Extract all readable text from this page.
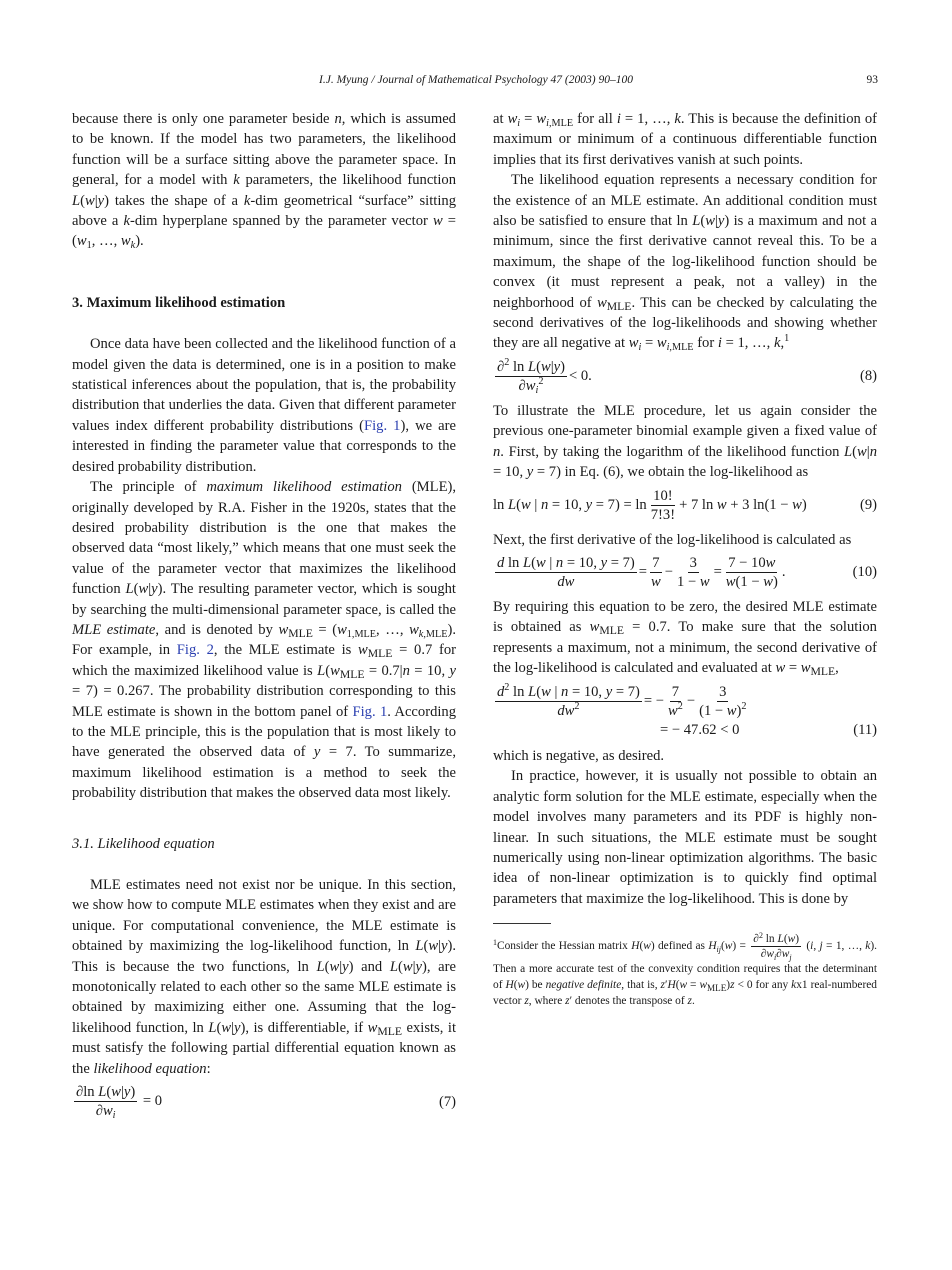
I.J. Myung / Journal of Mathematical Psychology 47 (2003) 90–100	93

because there is only one parameter beside n, which is assumed to be known. If the model has two parameters, the likelihood function will be a surface sitting above the parameter space. In general, for a model with k parameters, the likelihood function L(w|y) takes the shape of a k-dim geometrical “surface” sitting above a k-dim hyperplane spanned by the parameter vector $w = (w_1$, …, $w_k$).

3. Maximum likelihood estimation

Once data have been collected and the likelihood function of a model given the data is determined, one is in a position to make statistical inferences about the population, that is, the probability distribution that underlies the data. Given that different parameter values index different probability distributions (Fig. 1), we are interested in finding the parameter value that corresponds to the desired probability distribution.

The principle of maximum likelihood estimation (MLE), originally developed by R.A. Fisher in the 1920s, states that the desired probability distribution is the one that makes the observed data “most likely,” which means that one must seek the value of the parameter vector that maximizes the likelihood function L(w|y). The resulting parameter vector, which is sought by searching the multi-dimensional parameter space, is called the MLE estimate, and is denoted by $w_{MLE} = (w_{1,MLE}$, …, $w_{k,MLE}$). For example, in Fig. 2, the MLE estimate is $w_{MLE} = 0.7$ for which the maximized likelihood value is $L(w_{MLE} = 0.7|n = 10$, y = 7) = 0.267. The probability distribution corresponding to this MLE estimate is shown in the bottom panel of Fig. 1. According to the MLE principle, this is the population that is most likely to have generated the observed data of y = 7. To summarize, maximum likelihood estimation is a method to seek the probability distribution that makes the observed data most likely.

3.1. Likelihood equation

MLE estimates need not exist nor be unique. In this section, we show how to compute MLE estimates when they exist and are unique. For computational convenience, the MLE estimate is obtained by maximizing the log-likelihood function, ln L(w|y). This is because the two functions, ln L(w|y) and L(w|y), are monotonically related to each other so the same MLE estimate is obtained by maximizing either one. Assuming that the log-likelihood function, ln L(w|y), is differentiable, if $w_{MLE}$ exists, it must satisfy the following partial differential equation known as the likelihood equation:

$\frac{\text{∂ln L(w|y)}}{\partial w_i} = 0$	(7)

at $w_i = w_{i,MLE}$ for all i = 1, …, k. This is because the definition of maximum or minimum of a continuous differentiable function implies that its first derivatives vanish at such points.

The likelihood equation represents a necessary condition for the existence of an MLE estimate. An additional condition must also be satisfied to ensure that ln L(w|y) is a maximum and not a minimum, since the first derivative cannot reveal this. To be a maximum, the shape of the log-likelihood function should be convex (it must represent a peak, not a valley) in the neighborhood of $w_{MLE}$. This can be checked by calculating the second derivatives of the log-likelihoods and showing whether they are all negative at $w_i = w_{i,MLE}$ for i = 1, …, k,$^1$

$\frac{\partial^2 \ln L(w|y)}{\partial w_i^2} < 0$.	(8)

To illustrate the MLE procedure, let us again consider the previous one-parameter binomial example given a fixed value of n. First, by taking the logarithm of the likelihood function L(w|n = 10, y = 7) in Eq. (6), we obtain the log-likelihood as

ln L(w | n = 10, $y = 7) = \ln \frac{10!}{7!3!} + 7$ ln w + 3 ln(1 − w)	(9)

Next, the first derivative of the log-likelihood is calculated as

$\frac{\text{d ln L(w | n = 10, y = 7)}}{dw} = \frac{7}{w} - \frac{3}{1 - w} = \frac{7 - 10w}{w(1 - w)}$ .	(10)

By requiring this equation to be zero, the desired MLE estimate is obtained as $w_{MLE} = 0.7$. To make sure that the solution represents a maximum, not a minimum, the second derivative of the log-likelihood is calculated and evaluated at $w = w_{MLE}$,

$\frac{d^2 \ln L(w | n = 10, y = 7)}{dw^2}$ = − $\frac{7}{w^2} - \frac{3}{(1 - w)^2}$
= − 47.62 < 0	(11)

which is negative, as desired.

In practice, however, it is usually not possible to obtain an analytic form solution for the MLE estimate, especially when the model involves many parameters and its PDF is highly non-linear. In such situations, the MLE estimate must be sought numerically using non-linear optimization algorithms. The basic idea of non-linear optimization is to quickly find optimal parameters that maximize the log-likelihood. This is done by

$^1$Consider the Hessian matrix H(w) defined as $H_{ij}(w) = \frac{\partial^2 \ln L(w)}{\partial w_i\partial w_j} (i$, j = 1, …, k). Then a more accurate test of the convexity condition requires that the determinant of H(w) be negative definite, that is, $z'H(w = w_{MLE})z < 0$ for any kx1 real-numbered vector z, where z′ denotes the transpose of z.
